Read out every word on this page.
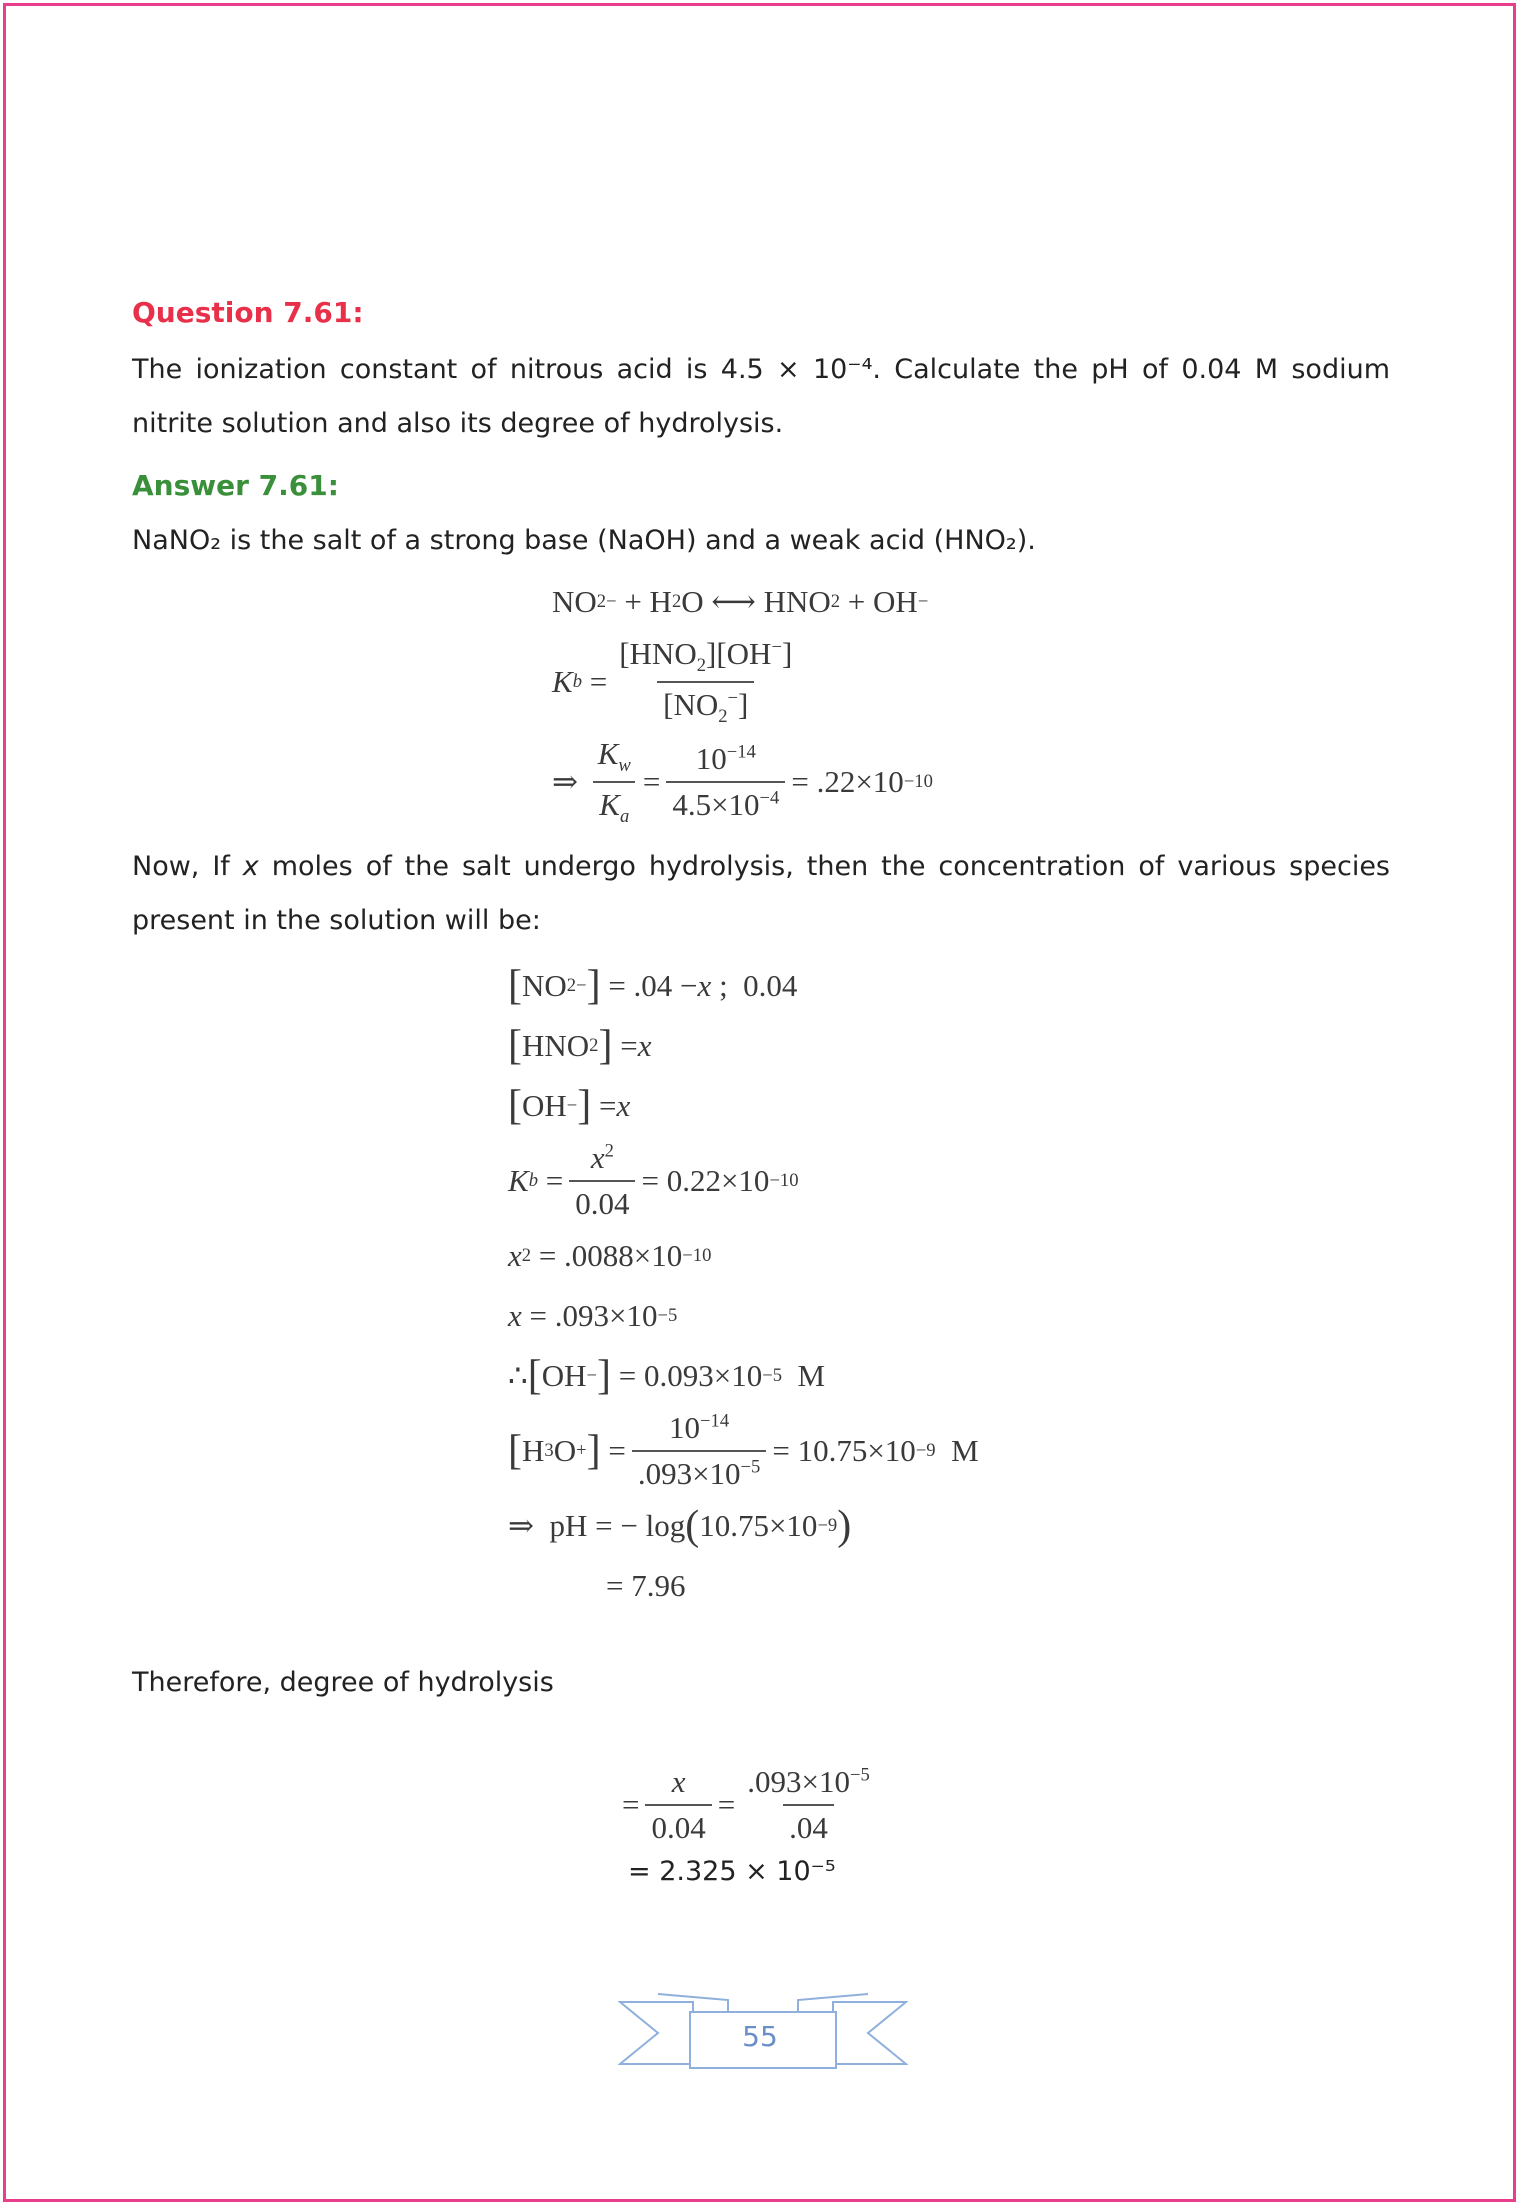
Question 7.61:

The ionization constant of nitrous acid is 4.5 × 10⁻⁴. Calculate the pH of 0.04 M sodium nitrite solution and also its degree of hydrolysis.

Answer 7.61:

NaNO₂ is the salt of a strong base (NaOH) and a weak acid (HNO₂).

NO 2 − + H 2 O ⟷ HNO 2 + OH −
K $b = \frac{[HNO_2][OH^-]}{[NO_2^-]}$
⇒ $\frac{K_w}{K_a} = \frac{10^{-14}}{4.5\times 10^{-4}} = .22\times 10 -10$

Now, If x moles of the salt undergo hydrolysis, then the concentration of various species present in the solution will be:

[ NO 2 − ] = .04 − x ;  0.04
[ HNO 2 ] = x
[ OH − ] = x
K $b = \frac{x^2}{0.04} = 0.22\times 10 -10$
x 2 = .0088×10 −10
x = .093×10 −5
∴ [ OH − ] = 0.093×10 −5 M
[ H 3 O + ] = $\frac{10^{-14}}{.093\times 10^{-5}} = 10.75\times 10 -9$ M
⇒  pH = − log ( 10.75×10 −9 )
= 7.96

Therefore, degree of hydrolysis

= $\frac{x}{0.04} = \frac{.093\times 10^{-5}}{.04}$
= 2.325 × 10⁻⁵
55
